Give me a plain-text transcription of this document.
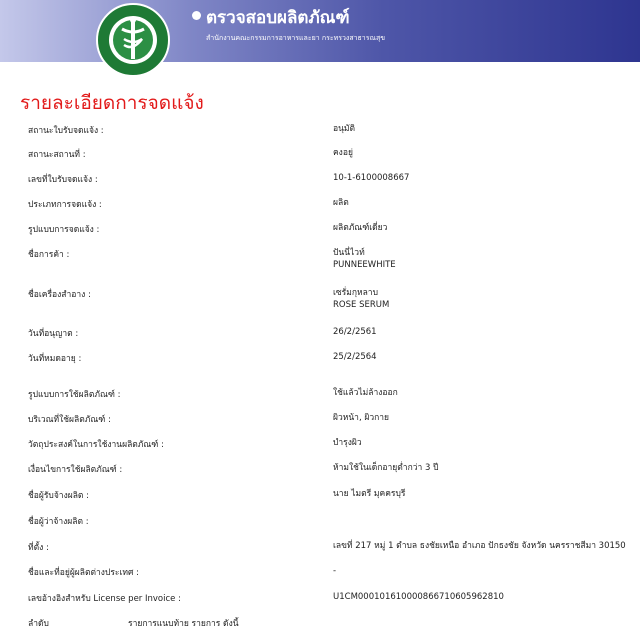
ตรวจสอบผลิตภัณฑ์
สำนักงานคณะกรรมการอาหารและยา กระทรวงสาธารณสุข
รายละเอียดการจดแจ้ง
สถานะใบรับจดแจ้ง :	อนุมัติ
สถานะสถานที่ :	คงอยู่
เลขที่ใบรับจดแจ้ง :	10-1-6100008667
ประเภทการจดแจ้ง :	ผลิต
รูปแบบการจดแจ้ง :	ผลิตภัณฑ์เดี่ยว
ชื่อการค้า :	ปันนี่ไวท์
PUNNEEWHITE
ชื่อเครื่องสำอาง :	เซรั่มกุหลาบ
ROSE SERUM
วันที่อนุญาต :	26/2/2561
วันที่หมดอายุ :	25/2/2564
รูปแบบการใช้ผลิตภัณฑ์ :	ใช้แล้วไม่ล้างออก
บริเวณที่ใช้ผลิตภัณฑ์ :	ผิวหน้า, ผิวกาย
วัตถุประสงค์ในการใช้งานผลิตภัณฑ์ :	บำรุงผิว
เงื่อนไขการใช้ผลิตภัณฑ์ :	ห้ามใช้ในเด็กอายุต่ำกว่า 3 ปี
ชื่อผู้รับจ้างผลิต :	นาย ไมตรี มุคครบุรี
ชื่อผู้ว่าจ้างผลิต :
ที่ตั้ง :	เลขที่ 217 หมู่ 1 ตำบล ธงชัยเหนือ อำเภอ ปักธงชัย จังหวัด นครราชสีมา 30150
ชื่อและที่อยู่ผู้ผลิตต่างประเทศ :	-
เลขอ้างอิงสำหรับ License per Invoice :	U1CM000101610000866710605962810
ลำดับ	รายการแนบท้าย รายการ ดังนี้
